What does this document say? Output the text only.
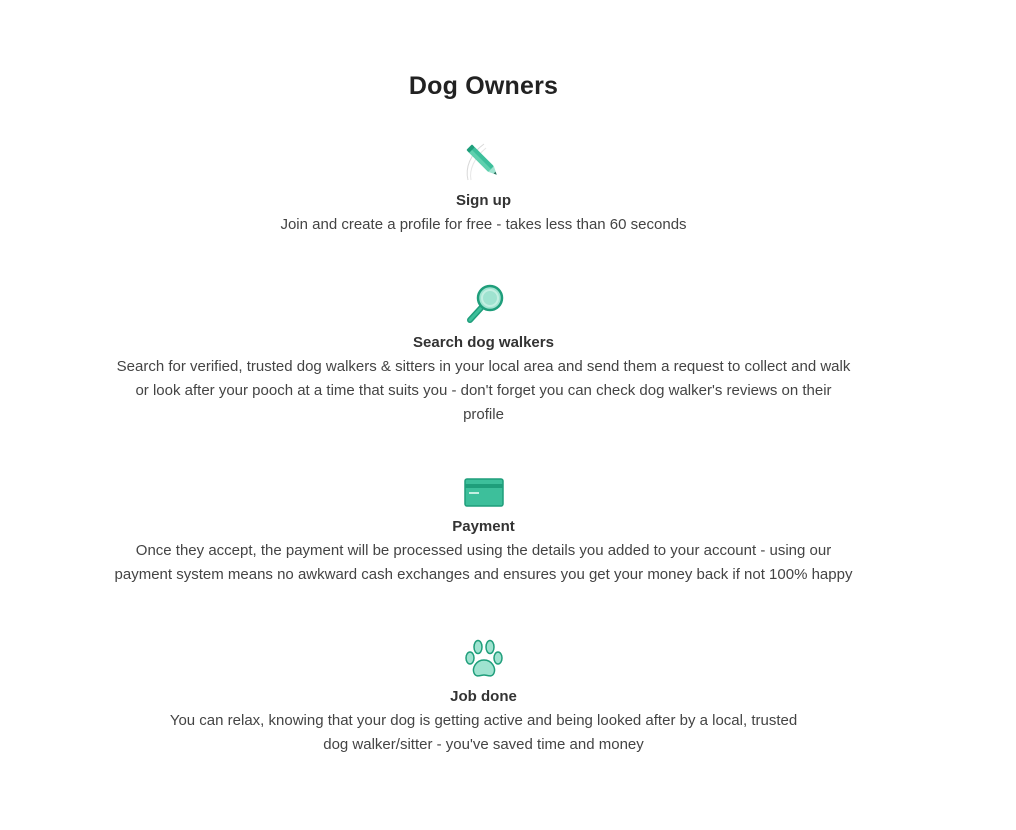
Dog Owners
Sign up
Join and create a profile for free - takes less than 60 seconds
Search dog walkers
Search for verified, trusted dog walkers & sitters in your local area and send them a request to collect and walk or look after your pooch at a time that suits you - don't forget you can check dog walker's reviews on their profile
Payment
Once they accept, the payment will be processed using the details you added to your account - using our payment system means no awkward cash exchanges and ensures you get your money back if not 100% happy
Job done
You can relax, knowing that your dog is getting active and being looked after by a local, trusted dog walker/sitter - you've saved time and money
